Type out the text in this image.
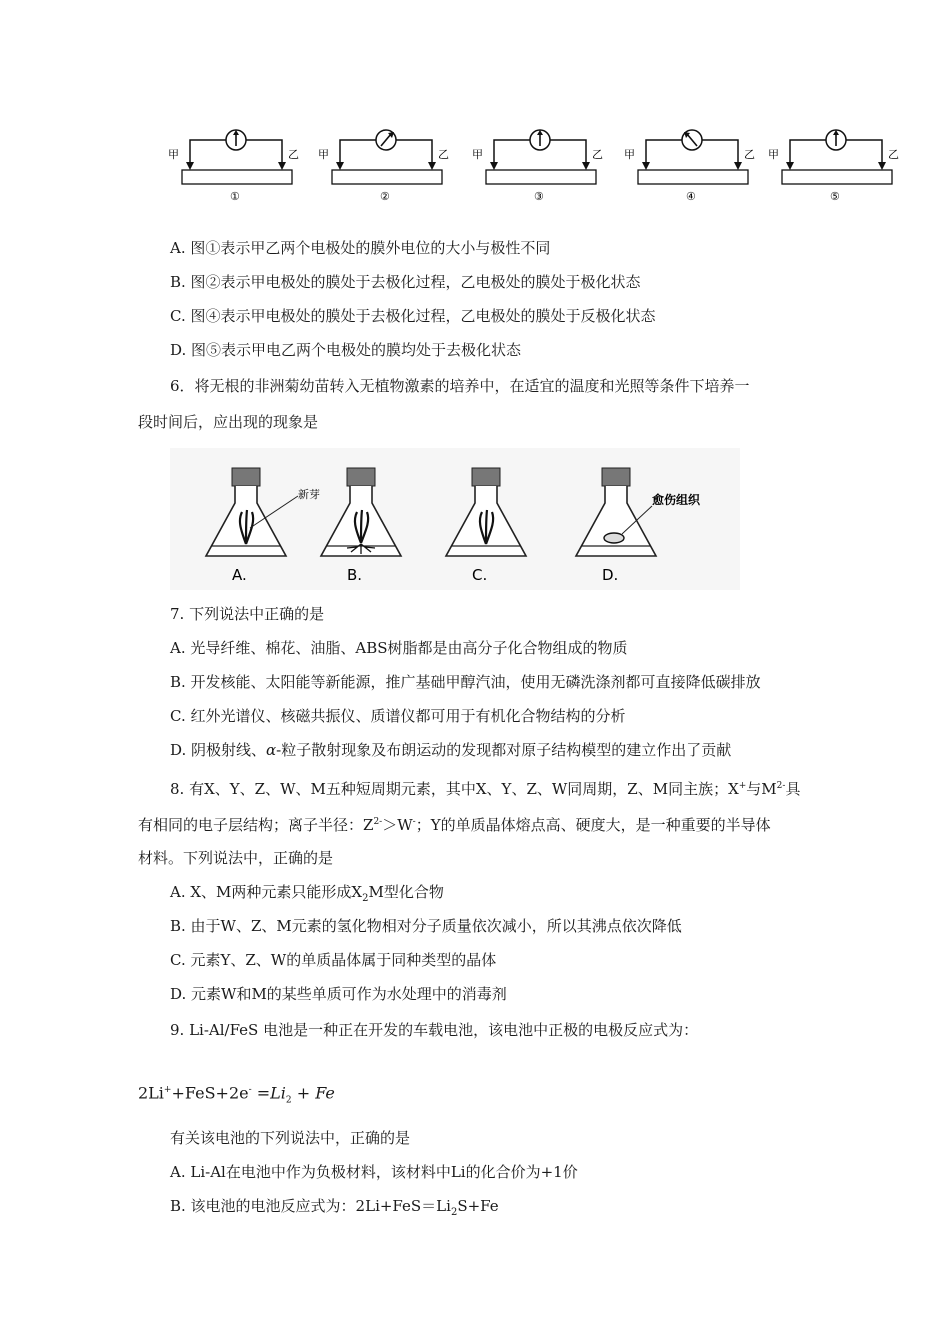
甲	乙
①
甲	乙
②
甲	乙
③
甲	乙
④
甲	乙
⑤
A. 图①表示甲乙两个电极处的膜外电位的大小与极性不同
B. 图②表示甲电极处的膜处于去极化过程，乙电极处的膜处于极化状态
C. 图④表示甲电极处的膜处于去极化过程，乙电极处的膜处于反极化状态
D. 图⑤表示甲电乙两个电极处的膜均处于去极化状态
6．将无根的非洲菊幼苗转入无植物激素的培养中，在适宜的温度和光照等条件下培养一
段时间后，应出现的现象是
A.
新芽
B.	C.	D.
愈伤组织
7. 下列说法中正确的是
A. 光导纤维、棉花、油脂、ABS树脂都是由高分子化合物组成的物质
B. 开发核能、太阳能等新能源，推广基础甲醇汽油，使用无磷洗涤剂都可直接降低碳排放
C. 红外光谱仪、核磁共振仪、质谱仪都可用于有机化合物结构的分析
D. 阴极射线、α-粒子散射现象及布朗运动的发现都对原子结构模型的建立作出了贡献
8. 有X、Y、Z、W、M五种短周期元素，其中X、Y、Z、W同周期，Z、M同主族；X+与$M^{2-}$具
有相同的电子层结构；离子半径：$Z^{2-}>W^-$；Y的单质晶体熔点高、硬度大，是一种重要的半导体
材料。下列说法中，正确的是
A. X、M两种元素只能形成$X_2M$型化合物
B. 由于W、Z、M元素的氢化物相对分子质量依次减小，所以其沸点依次降低
C. 元素Y、Z、W的单质晶体属于同种类型的晶体
D. 元素W和M的某些单质可作为水处理中的消毒剂
9. Li-Al/FeS 电池是一种正在开发的车载电池，该电池中正极的电极反应式为：
$2Li^++FeS+2e^- =Li_2 + Fe$
有关该电池的下列说法中，正确的是
A. Li-Al在电池中作为负极材料，该材料中Li的化合价为+1价
B. 该电池的电池反应式为：$2Li+FeS=Li_2S+Fe$
